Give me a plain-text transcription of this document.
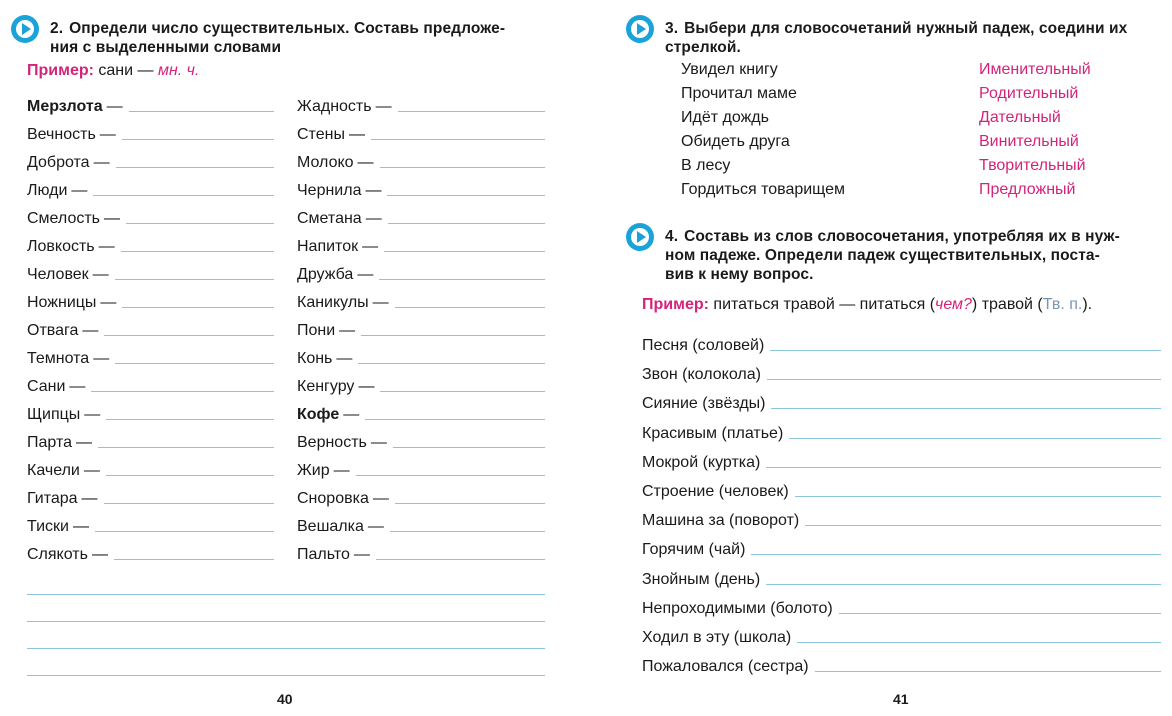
2. Определи число существительных. Составь предложе-
ния с выделенными словами
Пример: сани — мн. ч.
Мерзлота —
Вечность —
Доброта —
Люди —
Смелость —
Ловкость —
Человек —
Ножницы —
Отвага —
Темнота —
Сани —
Щипцы —
Парта —
Качели —
Гитара —
Тиски —
Слякоть —
Жадность —
Стены —
Молоко —
Чернила —
Сметана —
Напиток —
Дружба —
Каникулы —
Пони —
Конь —
Кенгуру —
Кофе —
Верность —
Жир —
Сноровка —
Вешалка —
Пальто —
40
3. Выбери для словосочетаний нужный падеж, соедини их
стрелкой.
Увидел книгу
Прочитал маме
Идёт дождь
Обидеть друга
В лесу
Гордиться товарищем
Именительный
Родительный
Дательный
Винительный
Творительный
Предложный
4. Составь из слов словосочетания, употребляя их в нуж-
ном падеже. Определи падеж существительных, поста-
вив к нему вопрос.
Пример: питаться травой — питаться (чем?) травой (Тв. п.).
Песня (соловей)
Звон (колокола)
Сияние (звёзды)
Красивым (платье)
Мокрой (куртка)
Строение (человек)
Машина за (поворот)
Горячим (чай)
Знойным (день)
Непроходимыми (болото)
Ходил в эту (школа)
Пожаловался (сестра)
41
